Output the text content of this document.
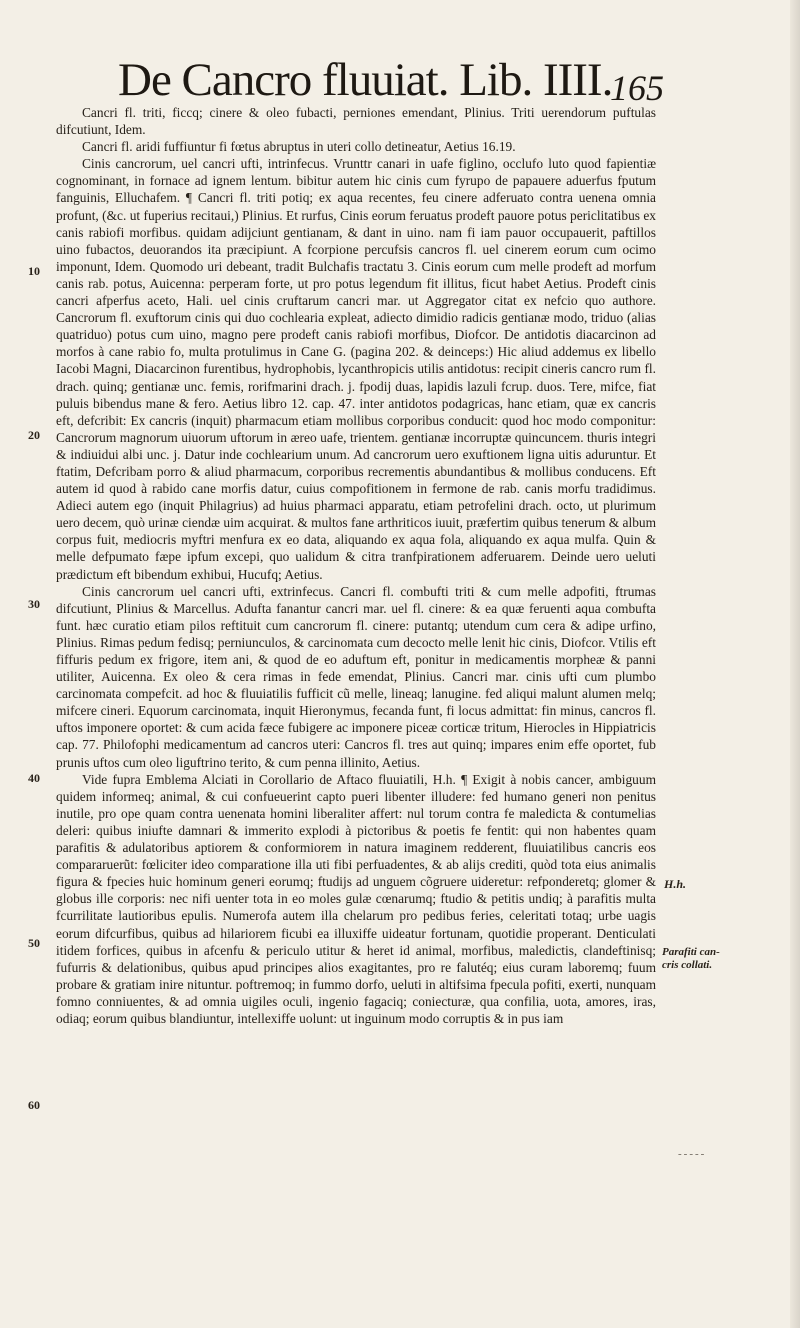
De Cancro fluuiat. Lib. IIII.
165

Cancri fl. triti, ficcq; cinere & oleo fubacti, perniones emendant, Plinius. Triti uerendorum puftulas difcutiunt, Idem.

Cancri fl. aridi fuffiuntur fi fœtus abruptus in uteri collo detineatur, Aetius 16.19.

Cinis cancrorum, uel cancri ufti, intrinfecus. Vrunttr canari in uafe figlino, occlufo luto quod fapientiæ cognominant, in fornace ad ignem lentum. bibitur autem hic cinis cum fyrupo de papauere aduerfus fputum fanguinis, Elluchafem. ¶ Cancri fl. triti potiq; ex aqua recentes, feu cinere adferuato contra uenena omnia profunt, (&c. ut fuperius recitaui,) Plinius. Et rurfus, Cinis eorum feruatus prodeft pauore potus periclitatibus ex canis rabiofi morfibus. quidam adijciunt gentianam, & dant in uino. nam fi iam pauor occupauerit, paftillos uino fubactos, deuorandos ita præcipiunt. A fcorpione percufsis cancros fl. uel cinerem eorum cum ocimo imponunt, Idem. Quomodo uri debeant, tradit Bulchafis tractatu 3. Cinis eorum cum melle prodeft ad morfum canis rab. potus, Auicenna: perperam forte, ut pro potus legendum fit illitus, ficut habet Aetius. Prodeft cinis cancri afperfus aceto, Hali. uel cinis cruftarum cancri mar. ut Aggregator citat ex nefcio quo authore. Cancrorum fl. exuftorum cinis qui duo cochlearia expleat, adiecto dimidio radicis gentianæ modo, triduo (alias quatriduo) potus cum uino, magno pere prodeft canis rabiofi morfibus, Diofcor. De antidotis diacarcinon ad morfos à cane rabio fo, multa protulimus in Cane G. (pagina 202. & deinceps:) Hic aliud addemus ex libello Iacobi Magni, Diacarcinon furentibus, hydrophobis, lycanthropicis utilis antidotus: recipit cineris cancro rum fl. drach. quinq; gentianæ unc. femis, rorifmarini drach. j. fpodij duas, lapidis lazuli fcrup. duos. Tere, mifce, fiat puluis bibendus mane & fero. Aetius libro 12. cap. 47. inter antidotos podagricas, hanc etiam, quæ ex cancris eft, defcribit: Ex cancris (inquit) pharmacum etiam mollibus corporibus conducit: quod hoc modo componitur: Cancrorum magnorum uiuorum uftorum in æreo uafe, trientem. gentianæ incorruptæ quincuncem. thuris integri & indiuidui albi unc. j. Datur inde cochlearium unum. Ad cancrorum uero exuftionem ligna uitis aduruntur. Et ftatim, Defcribam porro & aliud pharmacum, corporibus recrementis abundantibus & mollibus conducens. Eft autem id quod à rabido cane morfis datur, cuius compofitionem in fermone de rab. canis morfu tradidimus. Adieci autem ego (inquit Philagrius) ad huius pharmaci apparatu, etiam petrofelini drach. octo, ut plurimum uero decem, quò urinæ ciendæ uim acquirat. & multos fane arthriticos iuuit, præfertim quibus tenerum & album corpus fuit, mediocris myftri menfura ex eo data, aliquando ex aqua fola, aliquando ex aqua mulfa. Quin & melle defpumato fæpe ipfum excepi, quo ualidum & citra tranfpirationem adferuarem. Deinde uero ueluti prædictum eft bibendum exhibui, Hucufq; Aetius.

Cinis cancrorum uel cancri ufti, extrinfecus. Cancri fl. combufti triti & cum melle adpofiti, ftrumas difcutiunt, Plinius & Marcellus. Adufta fanantur cancri mar. uel fl. cinere: & ea quæ feruenti aqua combufta funt. hæc curatio etiam pilos reftituit cum cancrorum fl. cinere: putantq; utendum cum cera & adipe urfino, Plinius. Rimas pedum fedisq; perniunculos, & carcinomata cum decocto melle lenit hic cinis, Diofcor. Vtilis eft fiffuris pedum ex frigore, item ani, & quod de eo aduftum eft, ponitur in medicamentis morpheæ & panni utiliter, Auicenna. Ex oleo & cera rimas in fede emendat, Plinius. Cancri mar. cinis ufti cum plumbo carcinomata compefcit. ad hoc & fluuiatilis fufficit cũ melle, lineaq; lanugine. fed aliqui malunt alumen melq; mifcere cineri. Equorum carcinomata, inquit Hieronymus, fecanda funt, fi locus admittat: fin minus, cancros fl. uftos imponere oportet: & cum acida fæce fubigere ac imponere piceæ corticæ tritum, Hierocles in Hippiatricis cap. 77. Philofophi medicamentum ad cancros uteri: Cancros fl. tres aut quinq; impares enim effe oportet, fub prunis uftos cum oleo liguftrino terito, & cum penna illinito, Aetius.

Vide fupra Emblema Alciati in Corollario de Aftaco fluuiatili, H.h. ¶ Exigit à nobis cancer, ambiguum quidem informeq; animal, & cui confueuerint capto pueri libenter illudere: fed humano generi non penitus inutile, pro ope quam contra uenenata homini liberaliter affert: nul torum contra fe maledicta & contumelias deleri: quibus iniufte damnari & immerito explodi à pictoribus & poetis fe fentit: qui non habentes quam parafitis & adulatoribus aptiorem & conformiorem in natura imaginem redderent, fluuiatilibus cancris eos compararuerũt: fœliciter ideo comparatione illa uti fibi perfuadentes, & ab alijs crediti, quòd tota eius animalis figura & fpecies huic hominum generi eorumq; ftudijs ad unguem cõgruere uideretur: refponderetq; glomer & globus ille corporis: nec nifi uenter tota in eo moles gulæ cœnarumq; ftudio & petitis undiq; à parafitis multa fcurrilitate lautioribus epulis. Numerofa autem illa chelarum pro pedibus feries, celeritati totaq; urbe uagis eorum difcurfibus, quibus ad hilariorem ficubi ea illuxiffe uideatur fortunam, quotidie properant. Denticulati itidem forfices, quibus in afcenfu & periculo utitur & heret id animal, morfibus, maledictis, clandeftinisq; fufurris & delationibus, quibus apud principes alios exagitantes, pro re falutéq; eius curam laboremq; fuum probare & gratiam inire nituntur. poftremoq; in fummo dorfo, ueluti in altifsima fpecula pofiti, exerti, nunquam fomno conniuentes, & ad omnia uigiles oculi, ingenio fagaciq; coniecturæ, qua confilia, uota, amores, iras, odiaq; eorum quibus blandiuntur, intellexiffe uolunt: ut inguinum modo corruptis & in pus iam

10
20
30
40
50
60
H.h.
Parafiti can-
cris collati.
-----
